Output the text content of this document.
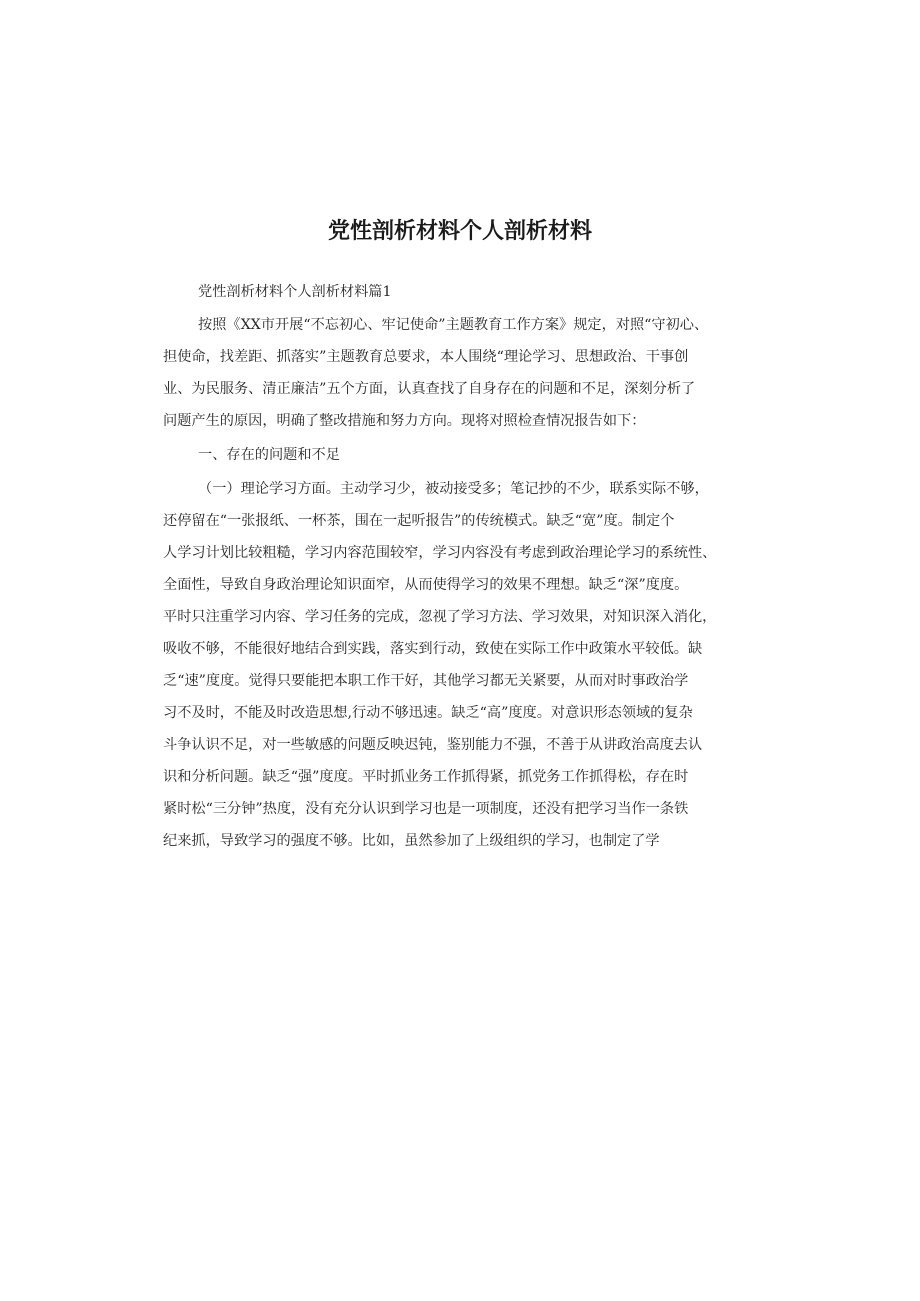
党性剖析材料个人剖析材料

党性剖析材料个人剖析材料篇1

按照《XX市开展“不忘初心、牢记使命”主题教育工作方案》规定，对照“守初心、

担使命，找差距、抓落实”主题教育总要求，本人围绕“理论学习、思想政治、干事创

业、为民服务、清正廉洁”五个方面，认真查找了自身存在的问题和不足，深刻分析了

问题产生的原因，明确了整改措施和努力方向。现将对照检查情况报告如下：

一、存在的问题和不足

（一）理论学习方面。主动学习少，被动接受多；笔记抄的不少，联系实际不够，

还停留在“一张报纸、一杯茶，围在一起听报告”的传统模式。缺乏“宽”度。制定个

人学习计划比较粗糙，学习内容范围较窄，学习内容没有考虑到政治理论学习的系统性、

全面性，导致自身政治理论知识面窄，从而使得学习的效果不理想。缺乏“深”度度。

平时只注重学习内容、学习任务的完成，忽视了学习方法、学习效果，对知识深入消化，

吸收不够，不能很好地结合到实践，落实到行动，致使在实际工作中政策水平较低。缺

乏“速”度度。觉得只要能把本职工作干好，其他学习都无关紧要，从而对时事政治学

习不及时，不能及时改造思想,行动不够迅速。缺乏“高”度度。对意识形态领域的复杂

斗争认识不足，对一些敏感的问题反映迟钝，鉴别能力不强，不善于从讲政治高度去认

识和分析问题。缺乏“强”度度。平时抓业务工作抓得紧，抓党务工作抓得松，存在时

紧时松“三分钟”热度，没有充分认识到学习也是一项制度，还没有把学习当作一条铁

纪来抓，导致学习的强度不够。比如，虽然参加了上级组织的学习，也制定了学
